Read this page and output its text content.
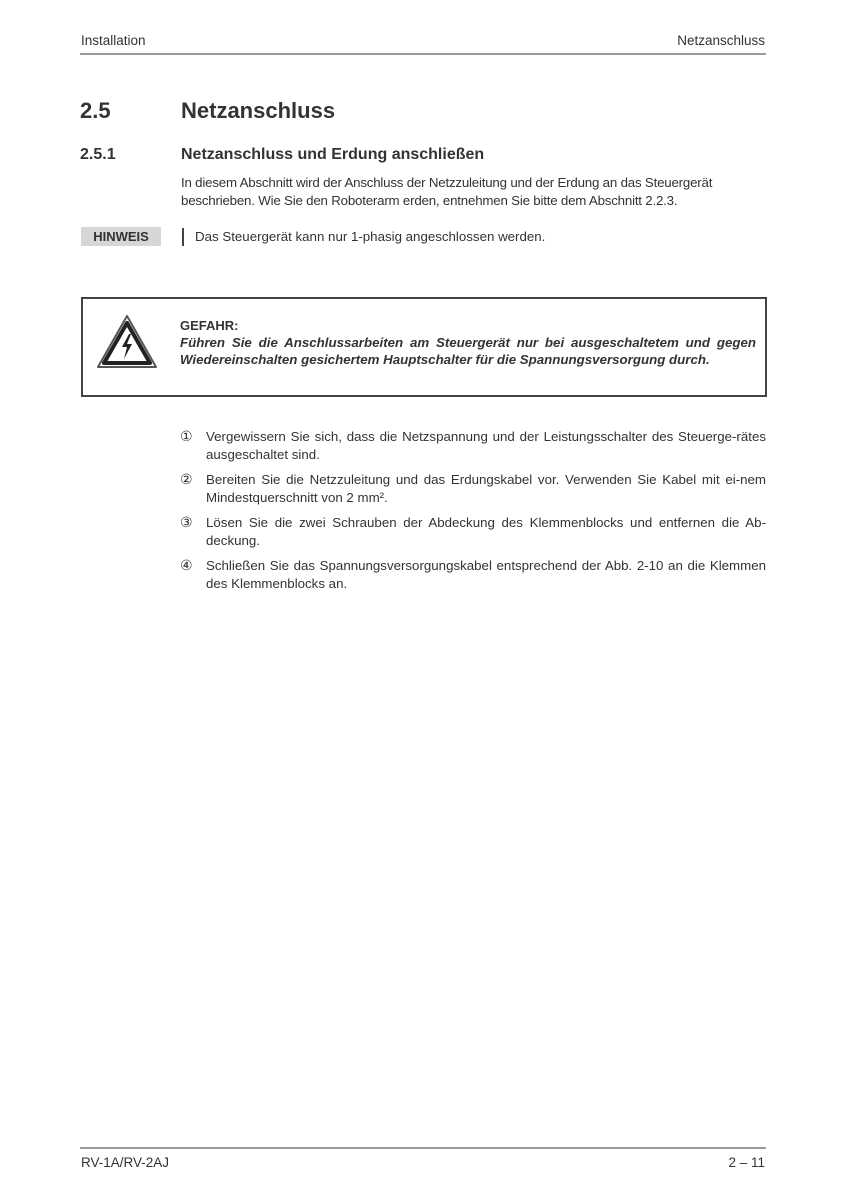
Installation	Netzanschluss
2.5	Netzanschluss
2.5.1	Netzanschluss und Erdung anschließen
In diesem Abschnitt wird der Anschluss der Netzzuleitung und der Erdung an das Steuergerät beschrieben. Wie Sie den Roboterarm erden, entnehmen Sie bitte dem Abschnitt 2.2.3.
HINWEIS	Das Steuergerät kann nur 1-phasig angeschlossen werden.
GEFAHR:
Führen Sie die Anschlussarbeiten am Steuergerät nur bei ausgeschaltetem und gegen Wiedereinschalten gesichertem Hauptschalter für die Spannungsversorgung durch.
① Vergewissern Sie sich, dass die Netzspannung und der Leistungsschalter des Steuerge-rätes ausgeschaltet sind.
② Bereiten Sie die Netzzuleitung und das Erdungskabel vor. Verwenden Sie Kabel mit ei-nem Mindestquerschnitt von 2 mm².
③ Lösen Sie die zwei Schrauben der Abdeckung des Klemmenblocks und entfernen die Ab-deckung.
④ Schließen Sie das Spannungsversorgungskabel entsprechend der Abb. 2-10 an die Klemmen des Klemmenblocks an.
RV-1A/RV-2AJ	2 – 11
